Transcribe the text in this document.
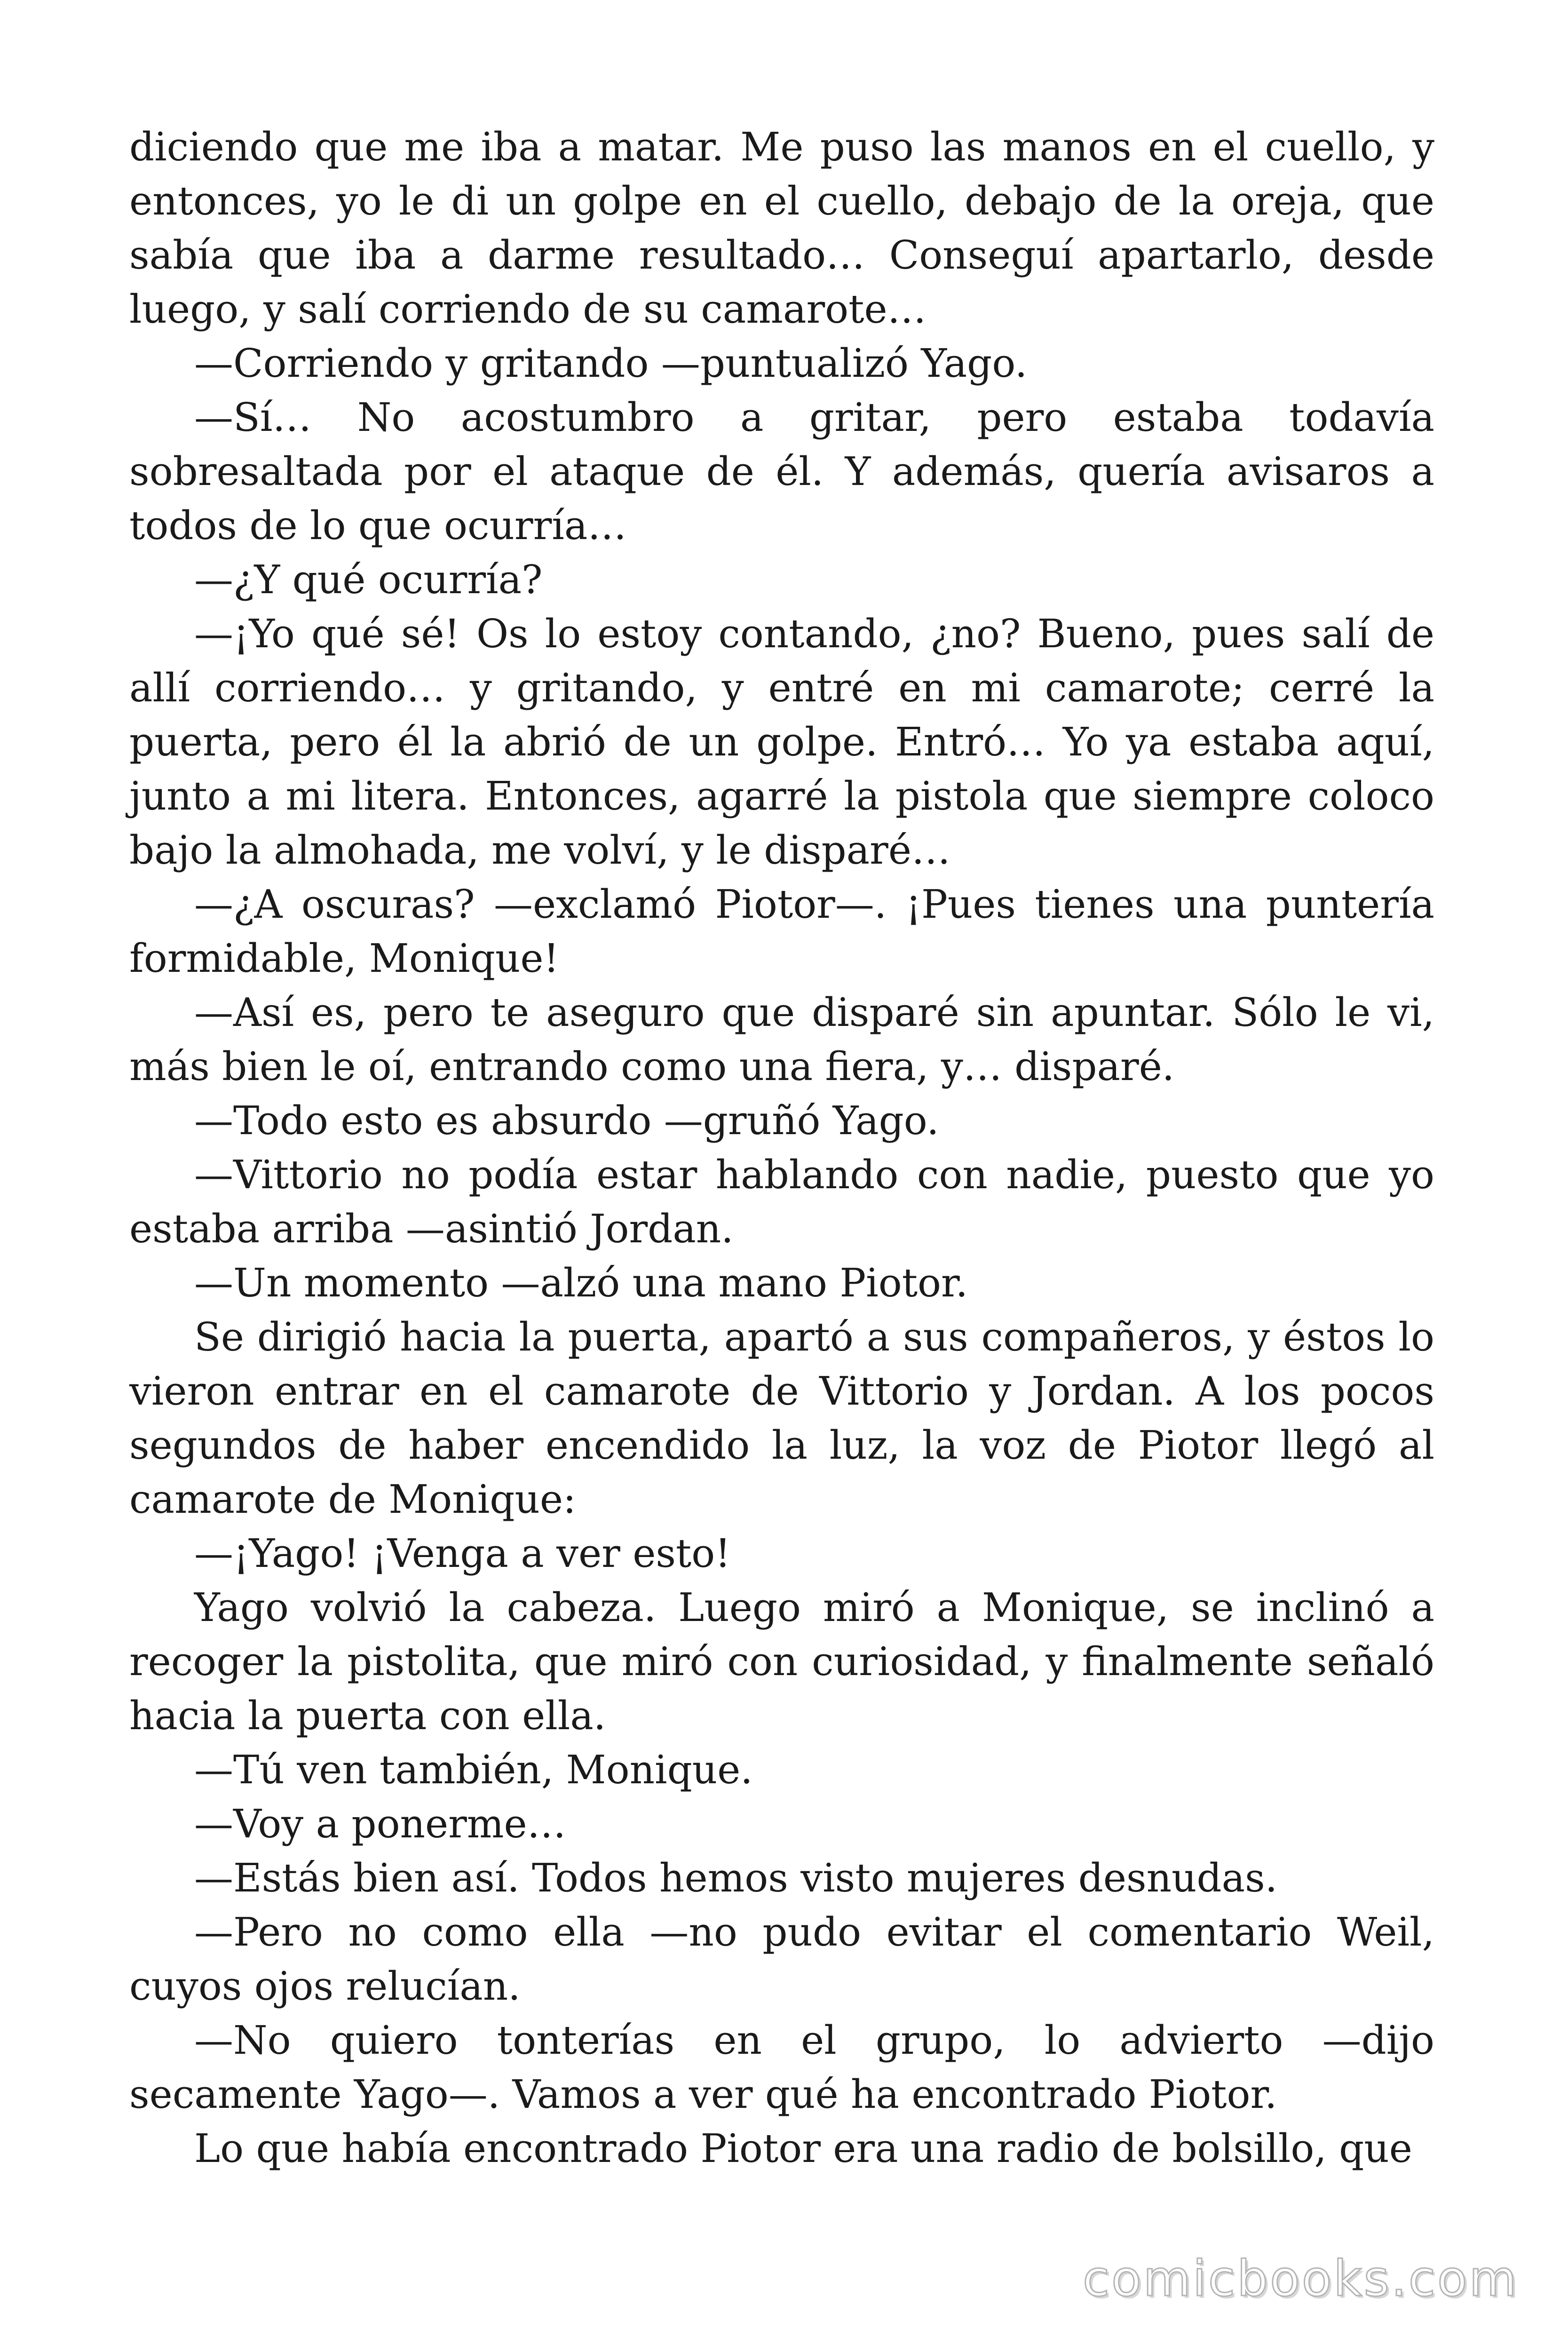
diciendo que me iba a matar. Me puso las manos en el cuello, y entonces, yo le di un golpe en el cuello, debajo de la oreja, que sabía que iba a darme resultado… Conseguí apartarlo, desde luego, y salí corriendo de su camarote…

—Corriendo y gritando —puntualizó Yago.

—Sí… No acostumbro a gritar, pero estaba todavía sobresaltada por el ataque de él. Y además, quería avisaros a todos de lo que ocurría…

—¿Y qué ocurría?

—¡Yo qué sé! Os lo estoy contando, ¿no? Bueno, pues salí de allí corriendo… y gritando, y entré en mi camarote; cerré la puerta, pero él la abrió de un golpe. Entró… Yo ya estaba aquí, junto a mi litera. Entonces, agarré la pistola que siempre coloco bajo la almohada, me volví, y le disparé…

—¿A oscuras? —exclamó Piotor—. ¡Pues tienes una puntería formidable, Monique!

—Así es, pero te aseguro que disparé sin apuntar. Sólo le vi, más bien le oí, entrando como una fiera, y… disparé.

—Todo esto es absurdo —gruñó Yago.

—Vittorio no podía estar hablando con nadie, puesto que yo estaba arriba —asintió Jordan.

—Un momento —alzó una mano Piotor.

Se dirigió hacia la puerta, apartó a sus compañeros, y éstos lo vieron entrar en el camarote de Vittorio y Jordan. A los pocos segundos de haber encendido la luz, la voz de Piotor llegó al camarote de Monique:

—¡Yago! ¡Venga a ver esto!

Yago volvió la cabeza. Luego miró a Monique, se inclinó a recoger la pistolita, que miró con curiosidad, y finalmente señaló hacia la puerta con ella.

—Tú ven también, Monique.

—Voy a ponerme…

—Estás bien así. Todos hemos visto mujeres desnudas.

—Pero no como ella —no pudo evitar el comentario Weil, cuyos ojos relucían.

—No quiero tonterías en el grupo, lo advierto —dijo secamente Yago—. Vamos a ver qué ha encontrado Piotor.

Lo que había encontrado Piotor era una radio de bolsillo, que

comicbooks.com
